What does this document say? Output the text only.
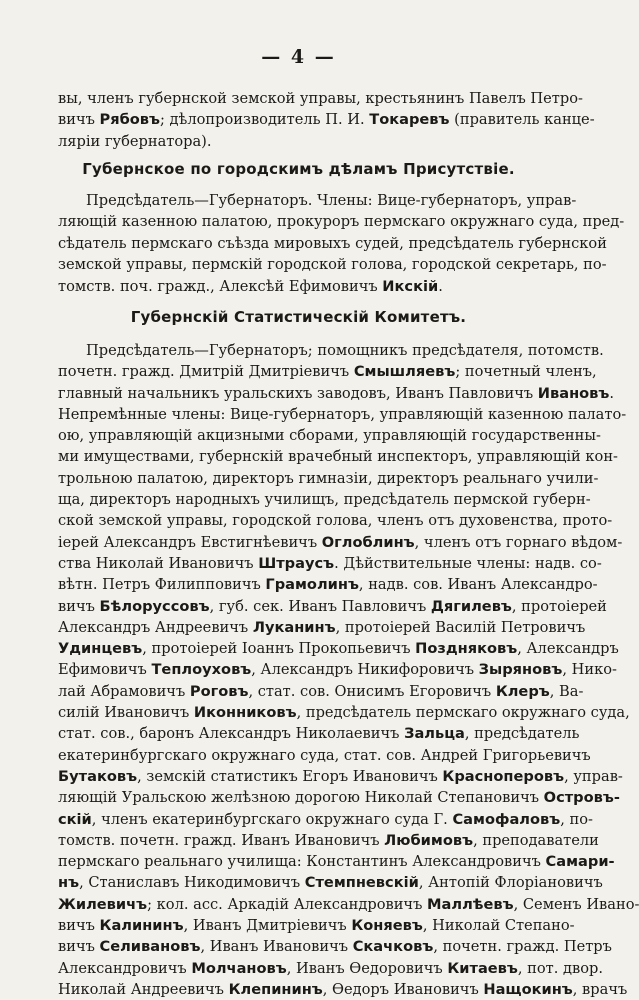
— 4 —
вы, членъ губернской земской управы, крестьянинъ Павелъ Петро-
вичъ Рябовъ; дѣлопроизводитель П. И. Токаревъ (правитель канце-
ляріи губернатора).
Губернское по городскимъ дѣламъ Присутствіе.
Предсѣдатель—Губернаторъ. Члены: Вице-губернаторъ, управ-
ляющій казенною палатою, прокуроръ пермскаго окружнаго суда, пред-
сѣдатель пермскаго съѣзда мировыхъ судей, предсѣдатель губернской
земской управы, пермскій городской голова, городской секретарь, по-
томств. поч. гражд., Алексѣй Ефимовичъ Икскій.
Губернскій Статистическій Комитетъ.
Предсѣдатель—Губернаторъ; помощникъ предсѣдателя, потомств.
почетн. гражд. Дмитрій Дмитріевичъ Смышляевъ; почетный членъ,
главный начальникъ уральскихъ заводовъ, Иванъ Павловичъ Ивановъ.
Непремѣнные члены: Вице-губернаторъ, управляющій казенною палато-
ою, управляющій акцизными сборами, управляющій государственны-
ми имуществами, губернскій врачебный инспекторъ, управляющій кон-
трольною палатою, директоръ гимназіи, директоръ реальнаго учили-
ща, директоръ народныхъ училищъ, предсѣдатель пермской губерн-
ской земской управы, городской голова, членъ отъ духовенства, прото-
іерей Александръ Евстигнѣевичъ Оглоблинъ, членъ отъ горнаго вѣдом-
ства Николай Ивановичъ Штраусъ. Дѣйствительные члены: надв. со-
вѣтн. Петръ Филипповичъ Грамолинъ, надв. сов. Иванъ Александро-
вичъ Бѣлоруссовъ, губ. сек. Иванъ Павловичъ Дягилевъ, протоіерей
Александръ Андреевичъ Луканинъ, протоіерей Василій Петровичъ
Удинцевъ, протоіерей Іоаннъ Прокопьевичъ Поздняковъ, Александръ
Ефимовичъ Теплоуховъ, Александръ Никифоровичъ Зыряновъ, Нико-
лай Абрамовичъ Роговъ, стат. сов. Онисимъ Егоровичъ Клеръ, Ва-
силій Ивановичъ Иконниковъ, предсѣдатель пермскаго окружнаго суда,
стат. сов., баронъ Александръ Николаевичъ Зальца, предсѣдатель
екатеринбургскаго окружнаго суда, стат. сов. Андрей Григорьевичъ
Бутаковъ, земскій статистикъ Егоръ Ивановичъ Красноперовъ, управ-
ляющій Уральскою желѣзною дорогою Николай Степановичъ Островъ-
скій, членъ екатеринбургскаго окружнаго суда Г. Самофаловъ, по-
томств. почетн. гражд. Иванъ Ивановичъ Любимовъ, преподаватели
пермскаго реальнаго училища: Константинъ Александровичъ Самари-
нъ, Станиславъ Никодимовичъ Стемпневскій, Антопій Флоріановичъ
Жилевичъ; кол. асс. Аркадій Александровичъ Маллѣевъ, Семенъ Ивано-
вичъ Калининъ, Иванъ Дмитріевичъ Коняевъ, Николай Степано-
вичъ Селивановъ, Иванъ Ивановичъ Скачковъ, почетн. гражд. Петръ
Александровичъ Молчановъ, Иванъ Өедоровичъ Китаевъ, пот. двор.
Николай Андреевичъ Клепининъ, Өедоръ Ивановичъ Нащокинъ, врачъ
